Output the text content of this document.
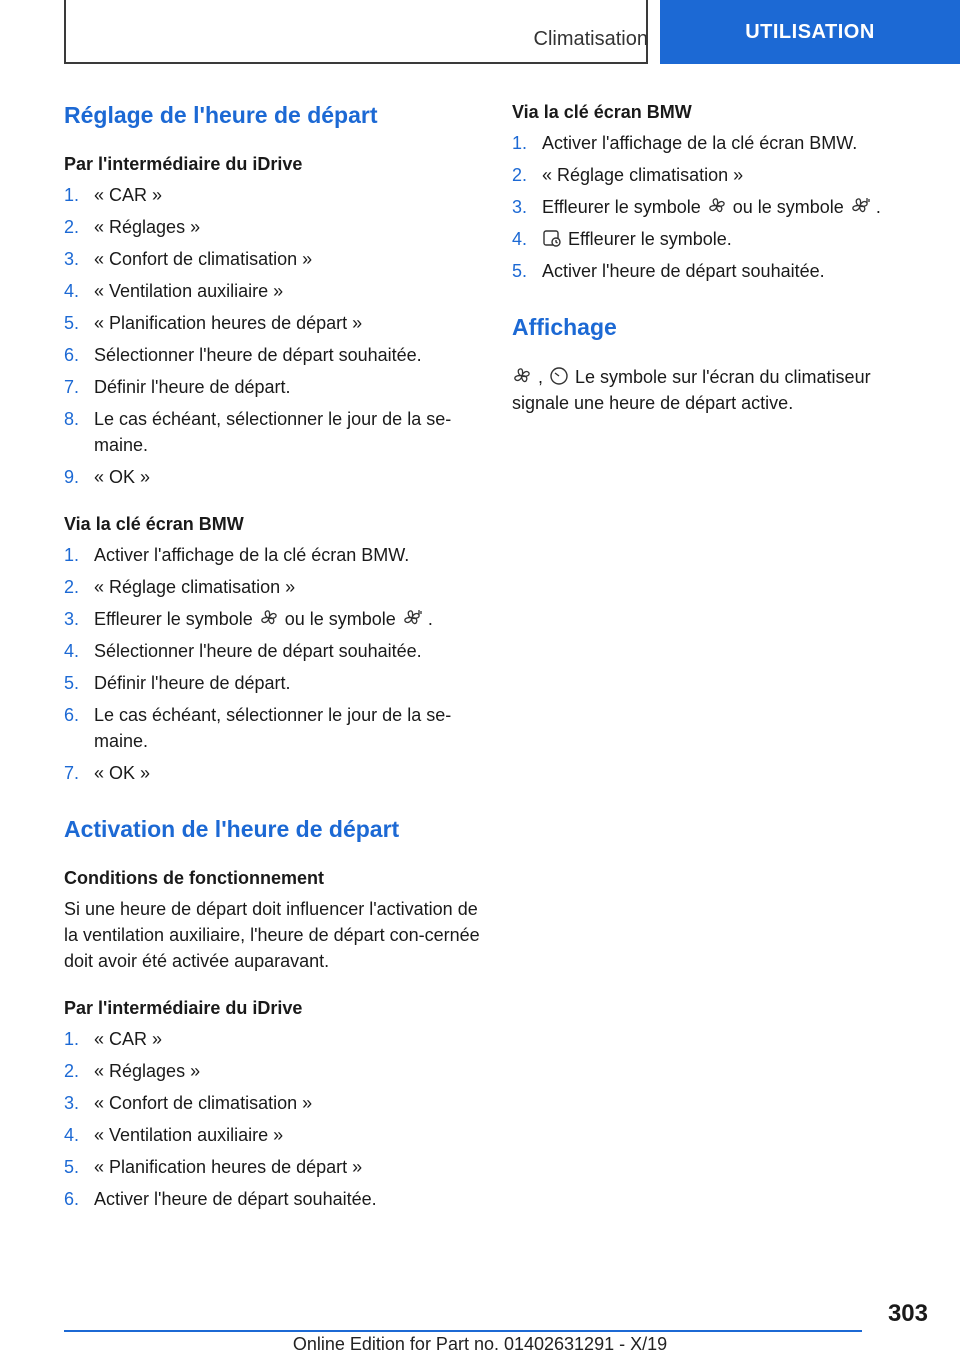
Climatisation	UTILISATION
Réglage de l'heure de départ
Par l'intermédiaire du iDrive
1. « CAR »
2. « Réglages »
3. « Confort de climatisation »
4. « Ventilation auxiliaire »
5. « Planification heures de départ »
6. Sélectionner l'heure de départ souhaitée.
7. Définir l'heure de départ.
8. Le cas échéant, sélectionner le jour de la se-maine.
9. « OK »
Via la clé écran BMW
1. Activer l'affichage de la clé écran BMW.
2. « Réglage climatisation »
3. Effleurer le symbole ou le symbole .
4. Sélectionner l'heure de départ souhaitée.
5. Définir l'heure de départ.
6. Le cas échéant, sélectionner le jour de la se-maine.
7. « OK »
Activation de l'heure de départ
Conditions de fonctionnement

Si une heure de départ doit influencer l'activation de la ventilation auxiliaire, l'heure de départ con-cernée doit avoir été activée auparavant.

Par l'intermédiaire du iDrive
1. « CAR »
2. « Réglages »
3. « Confort de climatisation »
4. « Ventilation auxiliaire »
5. « Planification heures de départ »
6. Activer l'heure de départ souhaitée.
Via la clé écran BMW
1. Activer l'affichage de la clé écran BMW.
2. « Réglage climatisation »
3. Effleurer le symbole ou le symbole .
4. Effleurer le symbole.
5. Activer l'heure de départ souhaitée.
Affichage

, Le symbole sur l'écran du climatiseur signale une heure de départ active.

303
Online Edition for Part no. 01402631291 - X/19
